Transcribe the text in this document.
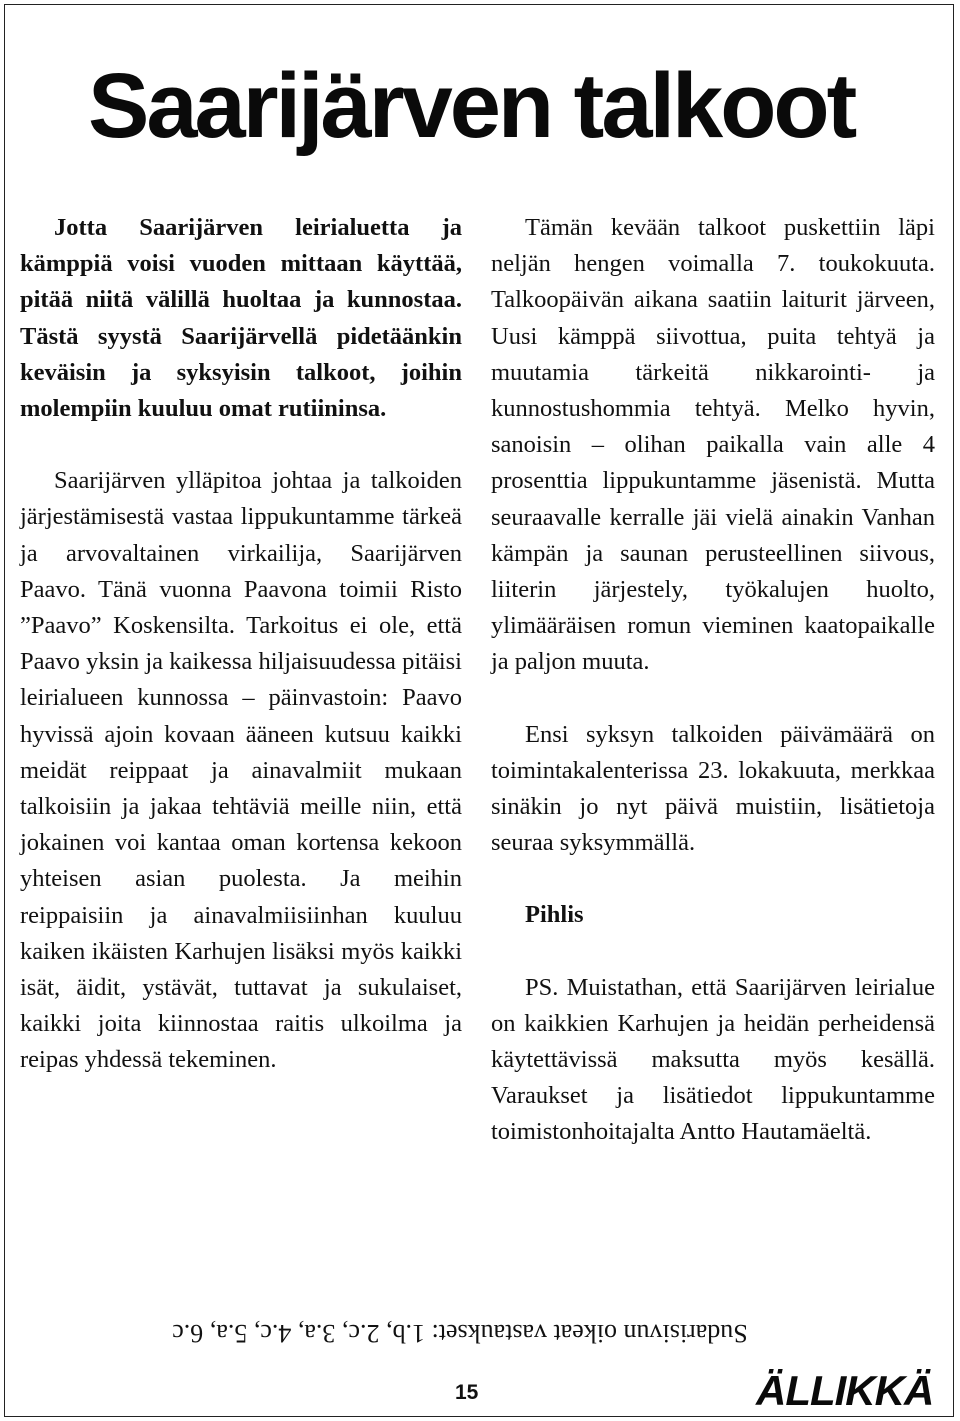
Saarijärven talkoot

Jotta Saarijärven leirialuetta ja kämppiä voisi vuoden mittaan käyttää, pitää niitä välillä huoltaa ja kunnostaa. Tästä syystä Saarijärvellä pidetäänkin keväisin ja syksyisin talkoot, joihin molempiin kuuluu omat rutiininsa.

Saarijärven ylläpitoa johtaa ja talkoiden järjestämisestä vastaa lippukuntamme tärkeä ja arvovaltainen virkailija, Saarijärven Paavo. Tänä vuonna Paavona toimii Risto ”Paavo” Koskensilta. Tarkoitus ei ole, että Paavo yksin ja kaikessa hiljaisuudessa pitäisi leirialueen kunnossa – päinvastoin: Paavo hyvissä ajoin kovaan ääneen kutsuu kaikki meidät reippaat ja ainavalmiit mukaan talkoisiin ja jakaa tehtäviä meille niin, että jokainen voi kantaa oman kortensa kekoon yhteisen asian puolesta. Ja meihin reippaisiin ja ainavalmiisiinhan kuuluu kaiken ikäisten Karhujen lisäksi myös kaikki isät, äidit, ystävät, tuttavat ja sukulaiset, kaikki joita kiinnostaa raitis ulkoilma ja reipas yhdessä tekeminen.

Tämän kevään talkoot puskettiin läpi neljän hengen voimalla 7. toukokuuta. Talkoopäivän aikana saatiin laiturit järveen, Uusi kämppä siivottua, puita tehtyä ja muutamia tärkeitä nikkarointi- ja kunnostushommia tehtyä. Melko hyvin, sanoisin – olihan paikalla vain alle 4 prosenttia lippukuntamme jäsenistä. Mutta seuraavalle kerralle jäi vielä ainakin Vanhan kämpän ja saunan perusteellinen siivous, liiterin järjestely, työkalujen huolto, ylimääräisen romun vieminen kaatopaikalle ja paljon muuta.

Ensi syksyn talkoiden päivämäärä on toimintakalenterissa 23. lokakuuta, merkkaa sinäkin jo nyt päivä muistiin, lisätietoja seuraa syksymmällä.

Pihlis

PS. Muistathan, että Saarijärven leirialue on kaikkien Karhujen ja heidän perheidensä käytettävissä maksutta myös kesällä. Varaukset ja lisätiedot lippukuntamme toimistonhoitajalta Antto Hautamäeltä.

Sudarisivun oikeat vastaukset: 1.b, 2.c, 3.a, 4.c, 5.a, 6.c
15	ÄLLIKKÄ
